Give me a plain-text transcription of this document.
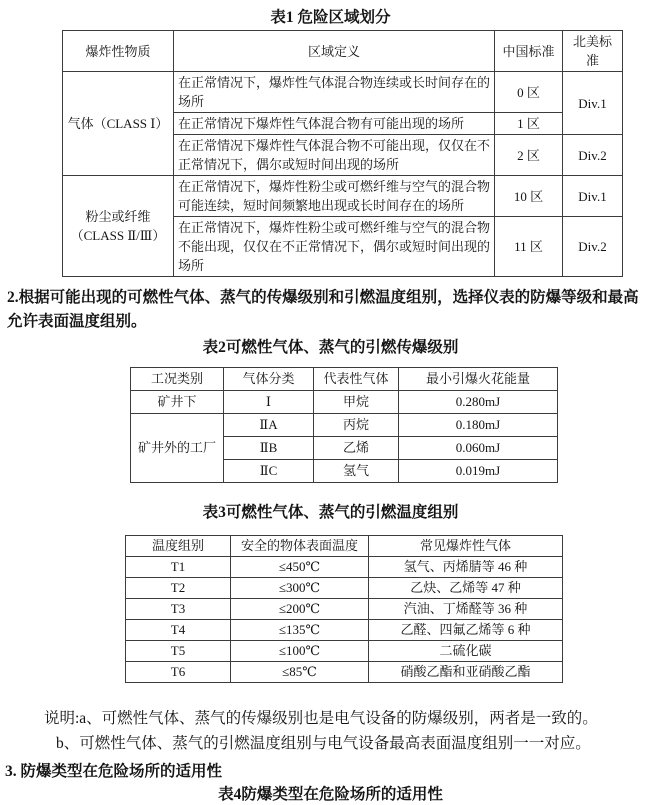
表1 危险区域划分
爆炸性物质	区域定义	中国标准	北美标准
气体（CLASS Ⅰ）	在正常情况下，爆炸性气体混合物连续或长时间存在的场所	0 区	Div.1
	在正常情况下爆炸性气体混合物有可能出现的场所	1 区	
	在正常情况下爆炸性气体混合物不可能出现，仅仅在不正常情况下，偶尔或短时间出现的场所	2 区	Div.2

粉尘或纤维
（CLASS Ⅱ/Ⅲ）	在正常情况下，爆炸性粉尘或可燃纤维与空气的混合物可能连续，短时间频繁地出现或长时间存在的场所	10 区	Div.1
	在正常情况下，爆炸性粉尘或可燃纤维与空气的混合物不能出现，仅仅在不正常情况下，偶尔或短时间出现的场所	11 区	Div.2

2.根据可能出现的可燃性气体、蒸气的传爆级别和引燃温度组别，选择仪表的防爆等级和最高允许表面温度组别。

表2可燃性气体、蒸气的引燃传爆级别
工况类别	气体分类	代表性气体	最小引爆火花能量
矿井下	Ⅰ	甲烷	0.280mJ
矿井外的工厂	ⅡA	丙烷	0.180mJ
	ⅡB	乙烯	0.060mJ
	ⅡC	氢气	0.019mJ
表3可燃性气体、蒸气的引燃温度组别
温度组别	安全的物体表面温度	常见爆炸性气体
T1	≤450℃	氢气、丙烯腈等 46 种
T2	≤300℃	乙炔、乙烯等 47 种
T3	≤200℃	汽油、丁烯醛等 36 种
T4	≤135℃	乙醛、四氟乙烯等 6 种
T5	≤100℃	二硫化碳
T6	≤85℃	硝酸乙酯和亚硝酸乙酯

说明:a、可燃性气体、蒸气的传爆级别也是电气设备的防爆级别，两者是一致的。

b、可燃性气体、蒸气的引燃温度组别与电气设备最高表面温度组别一一对应。

3. 防爆类型在危险场所的适用性

表4防爆类型在危险场所的适用性
